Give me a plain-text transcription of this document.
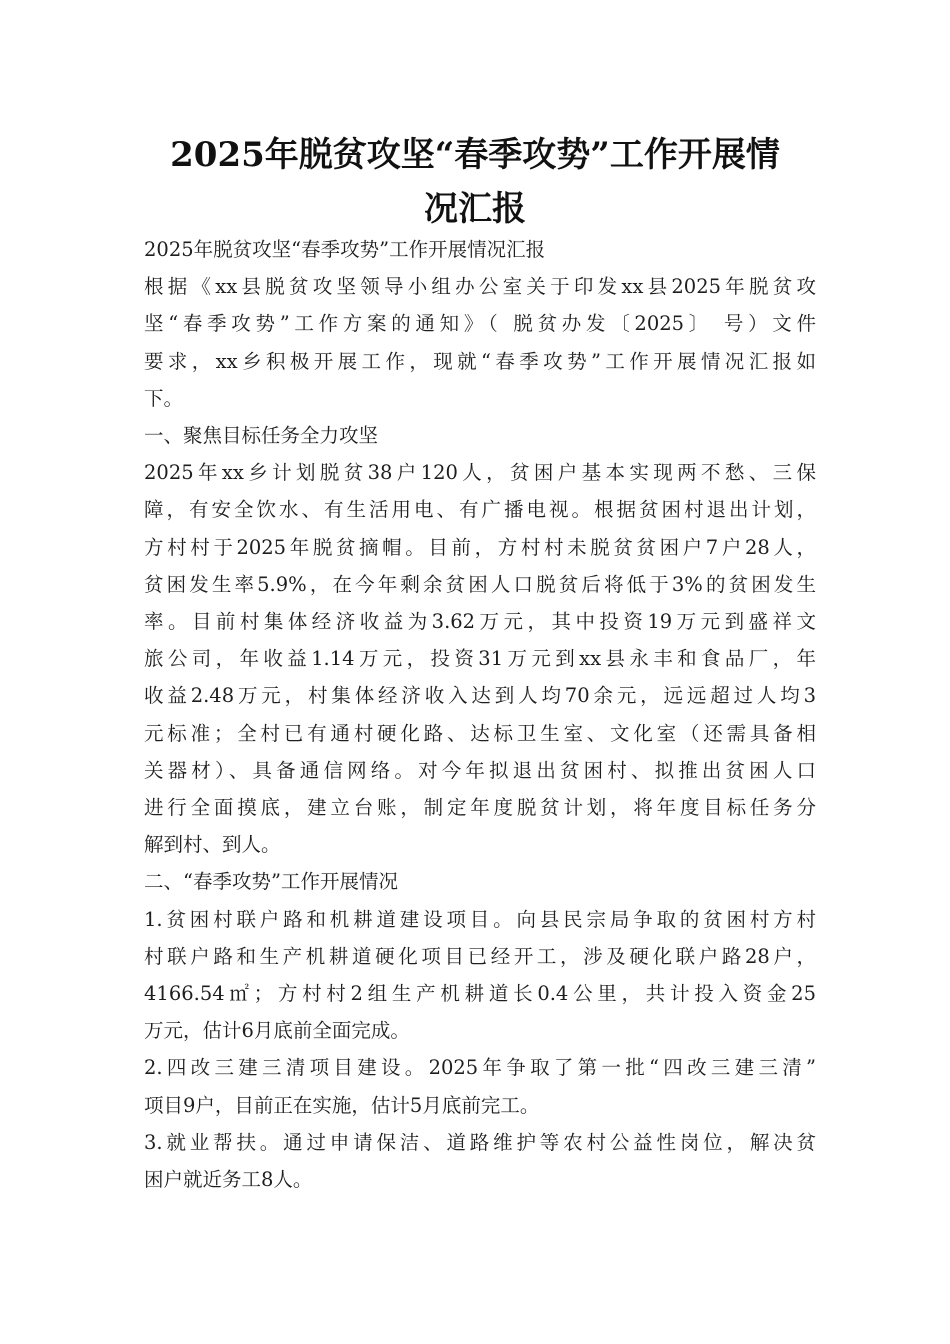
2025年脱贫攻坚“春季攻势”工作开展情
况汇报
2025年脱贫攻坚“春季攻势”工作开展情况汇报
根据《xx县脱贫攻坚领导小组办公室关于印发xx县2025年脱贫攻
坚“春季攻势”工作方案的通知》（ 脱贫办发〔2025〕 号）文件
要求，xx乡积极开展工作，现就“春季攻势”工作开展情况汇报如
下。
一、聚焦目标任务全力攻坚
2025年xx乡计划脱贫38户120人，贫困户基本实现两不愁、三保
障，有安全饮水、有生活用电、有广播电视。根据贫困村退出计划，
方村村于2025年脱贫摘帽。目前，方村村未脱贫贫困户7户28人，
贫困发生率5.9%，在今年剩余贫困人口脱贫后将低于3%的贫困发生
率。目前村集体经济收益为3.62万元，其中投资19万元到盛祥文
旅公司，年收益1.14万元，投资31万元到xx县永丰和食品厂，年
收益2.48万元，村集体经济收入达到人均70余元，远远超过人均3
元标准；全村已有通村硬化路、达标卫生室、文化室（还需具备相
关器材）、具备通信网络。对今年拟退出贫困村、拟推出贫困人口
进行全面摸底，建立台账，制定年度脱贫计划，将年度目标任务分
解到村、到人。
二、“春季攻势”工作开展情况
1.贫困村联户路和机耕道建设项目。向县民宗局争取的贫困村方村
村联户路和生产机耕道硬化项目已经开工，涉及硬化联户路28户，
4166.54㎡；方村村2组生产机耕道长0.4公里，共计投入资金25
万元，估计6月底前全面完成。
2.四改三建三清项目建设。2025年争取了第一批“四改三建三清”
项目9户，目前正在实施，估计5月底前完工。
3.就业帮扶。通过申请保洁、道路维护等农村公益性岗位，解决贫
困户就近务工8人。
